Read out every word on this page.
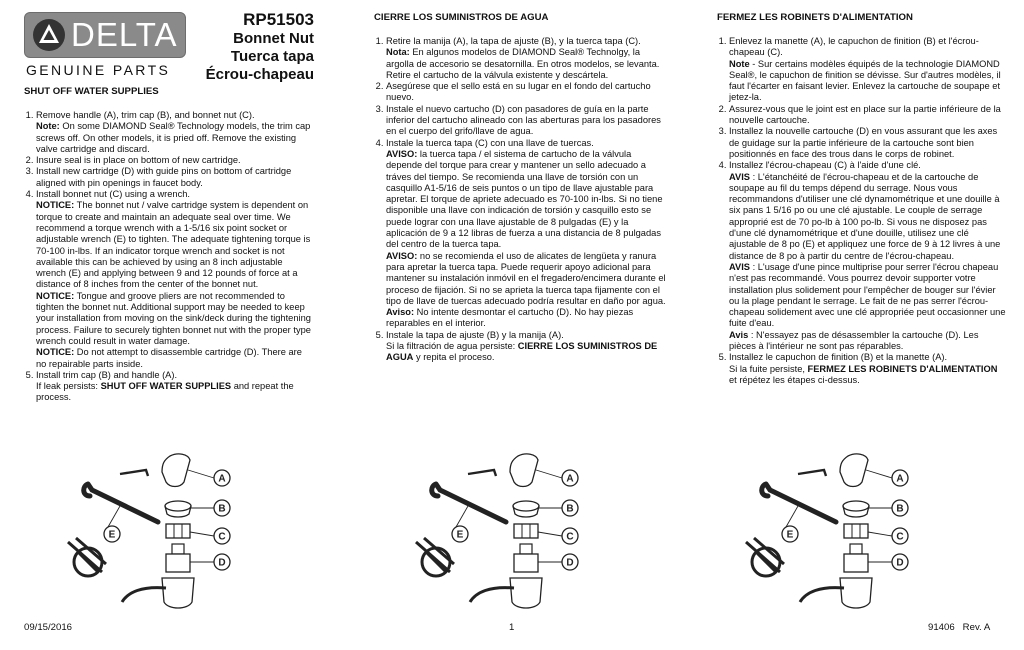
DELTA
GENUINE PARTS
RP51503
Bonnet Nut
Tuerca tapa
Écrou-chapeau
SHUT OFF WATER SUPPLIES
1. Remove handle (A), trim cap (B), and bonnet nut (C).
Note: On some DIAMOND Seal® Technology models, the trim cap screws off. On other models, it is pried off. Remove the existing valve cartridge and discard.
2. Insure seal is in place on bottom of new cartridge.
3. Install new cartridge (D) with guide pins on bottom of cartridge aligned with pin openings in faucet body.
4. Install bonnet nut (C) using a wrench.
NOTICE: The bonnet nut / valve cartridge system is dependent on torque to create and maintain an adequate seal over time. We recommend a torque wrench with a 1-5/16 six point socket or adjustable wrench (E) to tighten. The adequate tightening torque is 70-100 in-lbs. If an indicator torque wrench and socket is not available this can be achieved by using an 8 inch adjustable wrench (E) and applying between 9 and 12 pounds of force at a distance of 8 inches from the center of the bonnet nut.
NOTICE: Tongue and groove pliers are not recommended to tighten the bonnet nut. Additional support may be needed to keep your installation from moving on the sink/deck during the tightening process. Failure to securely tighten bonnet nut with the proper type wrench could result in water damage.
NOTICE: Do not attempt to disassemble cartridge (D). There are no repairable parts inside.
5. Install trim cap (B) and handle (A).
If leak persists: SHUT OFF WATER SUPPLIES and repeat the process.
CIERRE LOS SUMINISTROS DE AGUA
1. Retire la manija (A), la tapa de ajuste (B), y la tuerca tapa (C).
Nota: En algunos modelos de DIAMOND Seal® Technolgy, la argolla de accesorio se desatornilla. En otros modelos, se levanta. Retire el cartucho de la válvula existente y descártela.
2. Asegúrese que el sello está en su lugar en el fondo del cartucho nuevo.
3. Instale el nuevo cartucho (D) con pasadores de guía en la parte inferior del cartucho alineado con las aberturas para los pasadores en el cuerpo del grifo/llave de agua.
4. Instale la tuerca tapa (C) con una llave de tuercas.
AVISO: la tuerca tapa / el sistema de cartucho de la válvula depende del torque para crear y mantener un sello adecuado a tráves del tiempo. Se recomienda una llave de torsión con un casquillo A1-5/16 de seis puntos o un tipo de llave ajustable para apretar. El torque de apriete adecuado es 70-100 in-lbs. Si no tiene disponible una llave con indicación de torsión y casquillo esto se puede lograr con una llave ajustable de 8 pulgadas (E) y la aplicación de 9 a 12 libras de fuerza a una distancia de 8 pulgadas del centro de la tuerca tapa.
AVISO: no se recomienda el uso de alicates de lengüeta y ranura para apretar la tuerca tapa. Puede requerir apoyo adicional para mantener su instalación inmóvil en el fregadero/encimera durante el proceso de fijación. Si no se aprieta la tuerca tapa fijamente con el tipo de llave de tuercas adecuado podría resultar en daño por agua.
Aviso: No intente desmontar el cartucho (D). No hay piezas reparables en el interior.
5. Instale la tapa de ajuste (B) y la manija (A).
Si la filtración de agua persiste: CIERRE LOS SUMINISTROS DE AGUA y repita el proceso.
FERMEZ LES ROBINETS D'ALIMENTATION
1. Enlevez la manette (A), le capuchon de finition (B) et l'écrou-chapeau (C).
Note - Sur certains modèles équipés de la technologie DIAMOND Seal®, le capuchon de finition se dévisse. Sur d'autres modèles, il faut l'écarter en faisant levier. Enlevez la cartouche de soupape et jetez-la.
2. Assurez-vous que le joint est en place sur la partie inférieure de la nouvelle cartouche.
3. Installez la nouvelle cartouche (D) en vous assurant que les axes de guidage sur la partie inférieure de la cartouche sont bien positionnés en face des trous dans le corps de robinet.
4. Installez l'écrou-chapeau (C) à l'aide d'une clé.
AVIS : L'étanchéité de l'écrou-chapeau et de la cartouche de soupape au fil du temps dépend du serrage. Nous vous recommandons d'utiliser une clé dynamométrique et une douille à six pans 1 5/16 po ou une clé ajustable. Le couple de serrage approprié est de 70 po-lb à 100 po-lb. Si vous ne disposez pas d'une clé dynamométrique et d'une douille, utilisez une clé ajustable de 8 po (E) et appliquez une force de 9 à 12 livres à une distance de 8 po à partir du centre de l'écrou-chapeau.
AVIS : L'usage d'une pince multiprise pour serrer l'écrou chapeau n'est pas recommandé. Vous pourrez devoir supporter votre installation plus solidement pour l'empêcher de bouger sur l'évier ou la plage pendant le serrage. Le fait de ne pas serrer l'écrou-chapeau solidement avec une clé appropriée peut occasionner une fuite d'eau.
Avis : N'essayez pas de désassembler la cartouche (D). Les pièces à l'intérieur ne sont pas réparables.
5. Installez le capuchon de finition (B) et la manette (A).
Si la fuite persiste, FERMEZ LES ROBINETS D'ALIMENTATION et répétez les étapes ci-dessus.
A
B
C
D
E
A
B
C
D
E
A
B
C
D
E
09/15/2016	1	91406   Rev. A
